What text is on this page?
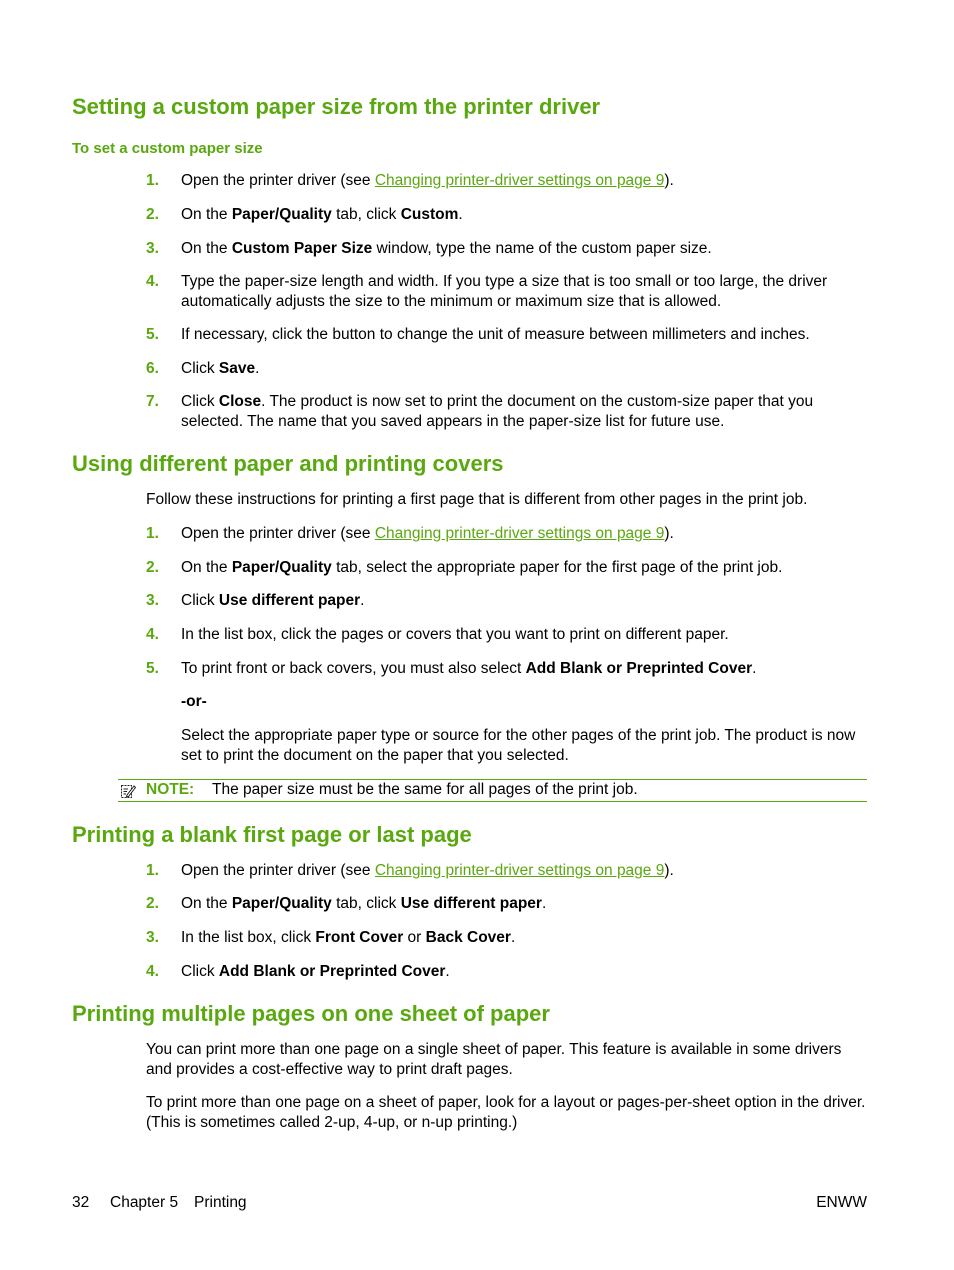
Setting a custom paper size from the printer driver
To set a custom paper size
1. Open the printer driver (see Changing printer-driver settings on page 9).
2. On the Paper/Quality tab, click Custom.
3. On the Custom Paper Size window, type the name of the custom paper size.
4. Type the paper-size length and width. If you type a size that is too small or too large, the driver automatically adjusts the size to the minimum or maximum size that is allowed.
5. If necessary, click the button to change the unit of measure between millimeters and inches.
6. Click Save.
7. Click Close. The product is now set to print the document on the custom-size paper that you selected. The name that you saved appears in the paper-size list for future use.
Using different paper and printing covers
Follow these instructions for printing a first page that is different from other pages in the print job.
1. Open the printer driver (see Changing printer-driver settings on page 9).
2. On the Paper/Quality tab, select the appropriate paper for the first page of the print job.
3. Click Use different paper.
4. In the list box, click the pages or covers that you want to print on different paper.
5. To print front or back covers, you must also select Add Blank or Preprinted Cover.
-or-
Select the appropriate paper type or source for the other pages of the print job. The product is now set to print the document on the paper that you selected.
NOTE: The paper size must be the same for all pages of the print job.
Printing a blank first page or last page
1. Open the printer driver (see Changing printer-driver settings on page 9).
2. On the Paper/Quality tab, click Use different paper.
3. In the list box, click Front Cover or Back Cover.
4. Click Add Blank or Preprinted Cover.
Printing multiple pages on one sheet of paper
You can print more than one page on a single sheet of paper. This feature is available in some drivers and provides a cost-effective way to print draft pages.
To print more than one page on a sheet of paper, look for a layout or pages-per-sheet option in the driver. (This is sometimes called 2-up, 4-up, or n-up printing.)
32 Chapter 5 Printing	ENWW
